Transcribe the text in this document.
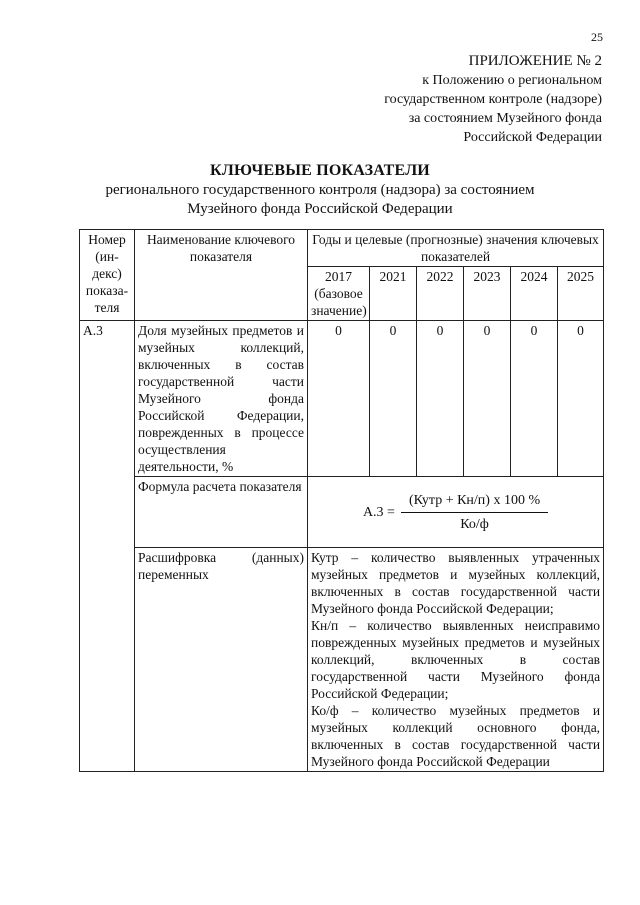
25
ПРИЛОЖЕНИЕ № 2
к Положению о региональном
государственном контроле (надзоре)
за состоянием Музейного фонда
Российской Федерации
КЛЮЧЕВЫЕ ПОКАЗАТЕЛИ
регионального государственного контроля (надзора) за состоянием
Музейного фонда Российской Федерации
Номер (ин-декс) показа-теля	Наименование ключевого показателя	Годы и целевые (прогнозные) значения ключевых показателей					
		2017 (базовое значение)	2021	2022	2023	2024	2025
А.3	Доля музейных предметов и музейных коллекций, включенных в состав государственной части Музейного фонда Российской Федерации, поврежденных в процессе осуществления деятельности, %	0	0	0	0	0	0
	Формула расчета показателя	$А.3 = \frac{\text{(Кутр + Кн/п) х 100 \%}}{Ко/ф}$

	Расшифровка (данных) переменных	Кутр – количество выявленных утраченных музейных предметов и музейных коллекций, включенных в состав государственной части Музейного фонда Российской Федерации;

Кн/п – количество выявленных неисправимо поврежденных музейных предметов и музейных коллекций, включенных в состав государственной части Музейного фонда Российской Федерации;

Ко/ф – количество музейных предметов и музейных коллекций основного фонда, включенных в состав государственной части Музейного фонда Российской Федерации					
